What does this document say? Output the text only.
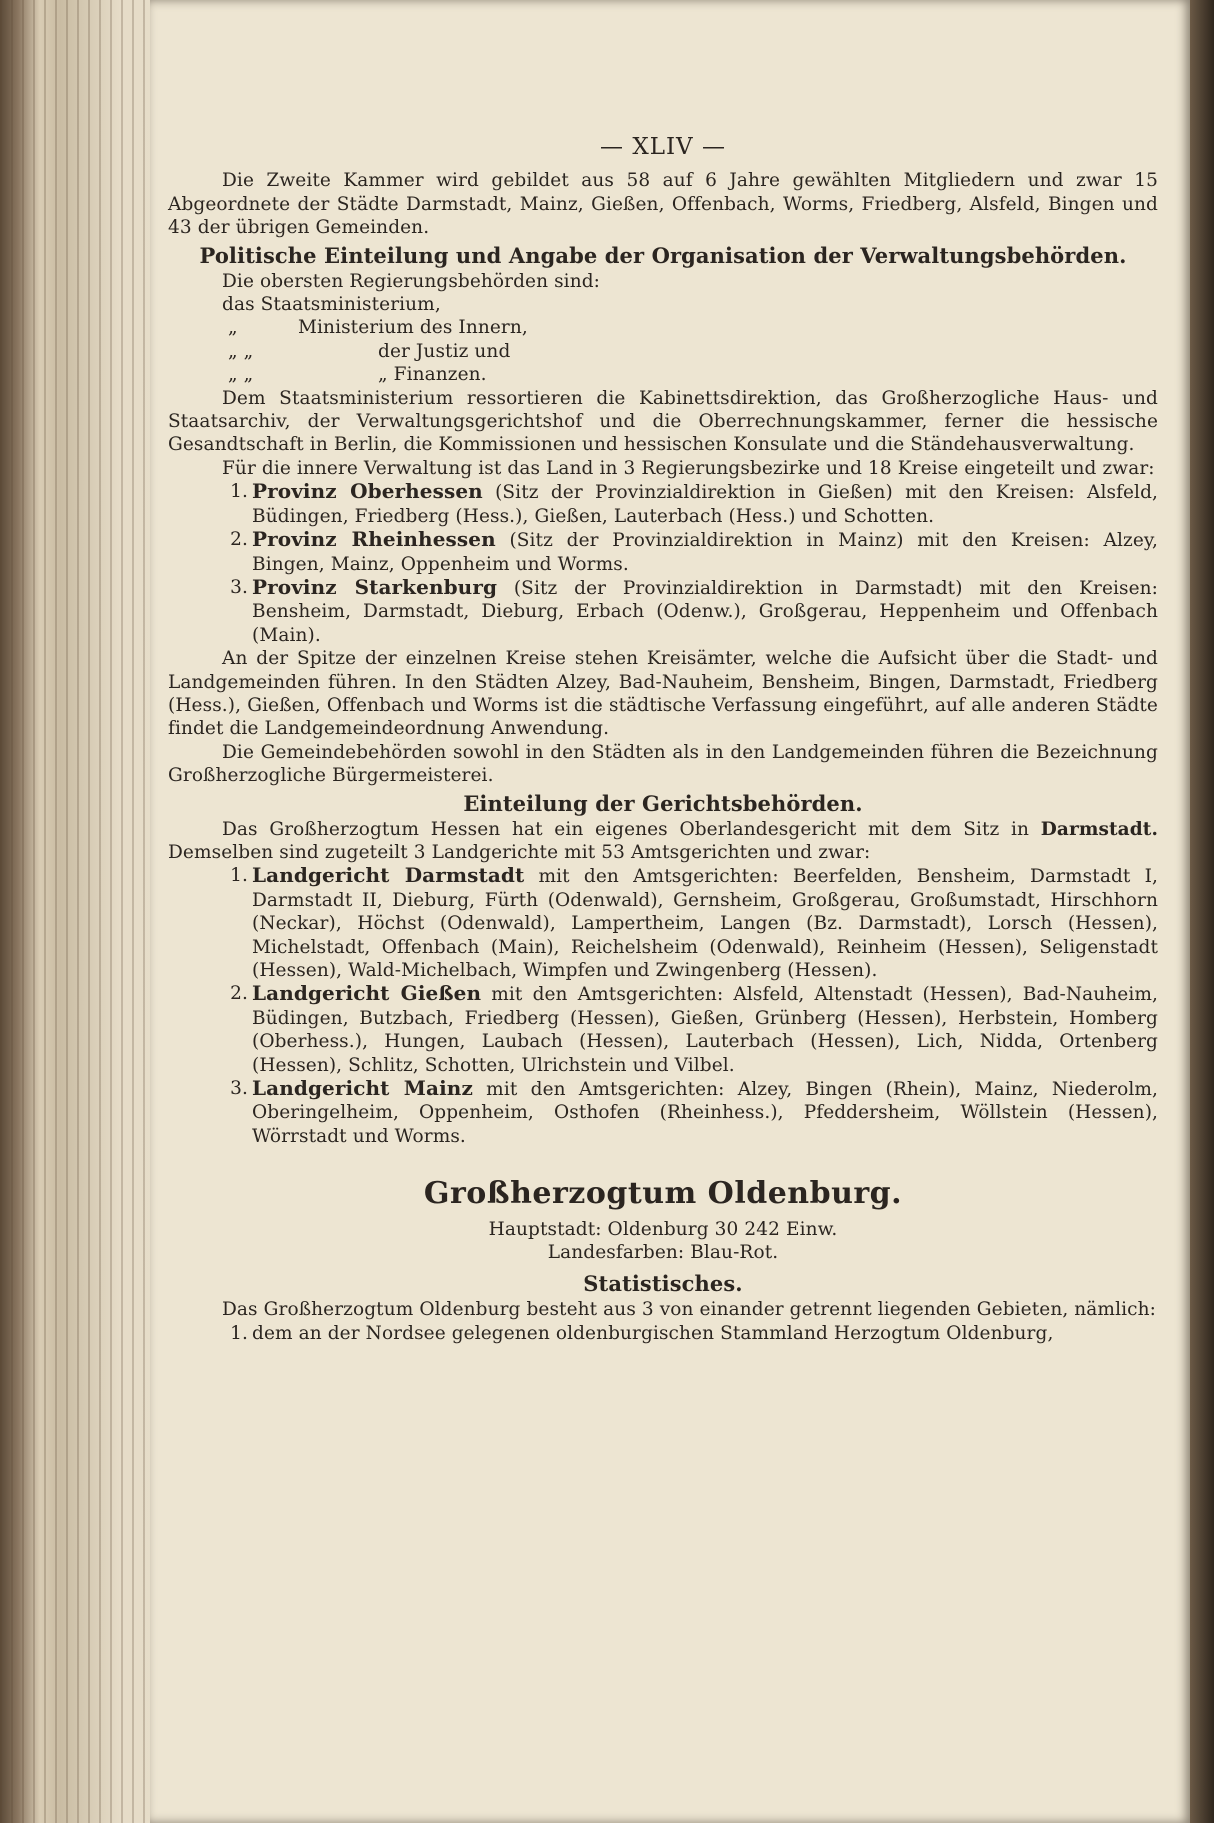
— XLIV —

Die Zweite Kammer wird gebildet aus 58 auf 6 Jahre gewählten Mitgliedern und zwar 15 Abgeordnete der Städte Darmstadt, Mainz, Gießen, Offenbach, Worms, Friedberg, Alsfeld, Bingen und 43 der übrigen Gemeinden.

Politische Einteilung und Angabe der Organisation der Verwaltungsbehörden.

Die obersten Regierungsbehörden sind:

das Staatsministerium,
„	Ministerium des Innern,
„ „	der Justiz und
„ „	„ Finanzen.

Dem Staatsministerium ressortieren die Kabinettsdirektion, das Großherzogliche Haus- und Staatsarchiv, der Verwaltungsgerichtshof und die Oberrechnungskammer, ferner die hessische Gesandtschaft in Berlin, die Kommissionen und hessischen Konsulate und die Ständehausverwaltung.

Für die innere Verwaltung ist das Land in 3 Regierungsbezirke und 18 Kreise eingeteilt und zwar:

1. Provinz Oberhessen (Sitz der Provinzialdirektion in Gießen) mit den Kreisen: Alsfeld, Büdingen, Friedberg (Hess.), Gießen, Lauterbach (Hess.) und Schotten.
2. Provinz Rheinhessen (Sitz der Provinzialdirektion in Mainz) mit den Kreisen: Alzey, Bingen, Mainz, Oppenheim und Worms.
3. Provinz Starkenburg (Sitz der Provinzialdirektion in Darmstadt) mit den Kreisen: Bensheim, Darmstadt, Dieburg, Erbach (Odenw.), Großgerau, Heppenheim und Offenbach (Main).

An der Spitze der einzelnen Kreise stehen Kreisämter, welche die Aufsicht über die Stadt- und Landgemeinden führen. In den Städten Alzey, Bad-Nauheim, Bensheim, Bingen, Darmstadt, Friedberg (Hess.), Gießen, Offenbach und Worms ist die städtische Verfassung eingeführt, auf alle anderen Städte findet die Landgemeindeordnung Anwendung.

Die Gemeindebehörden sowohl in den Städten als in den Landgemeinden führen die Bezeichnung Großherzogliche Bürgermeisterei.

Einteilung der Gerichtsbehörden.

Das Großherzogtum Hessen hat ein eigenes Oberlandesgericht mit dem Sitz in Darmstadt. Demselben sind zugeteilt 3 Landgerichte mit 53 Amtsgerichten und zwar:

1. Landgericht Darmstadt mit den Amtsgerichten: Beerfelden, Bensheim, Darmstadt I, Darmstadt II, Dieburg, Fürth (Odenwald), Gernsheim, Großgerau, Großumstadt, Hirschhorn (Neckar), Höchst (Odenwald), Lampertheim, Langen (Bz. Darmstadt), Lorsch (Hessen), Michelstadt, Offenbach (Main), Reichelsheim (Odenwald), Reinheim (Hessen), Seligenstadt (Hessen), Wald-Michelbach, Wimpfen und Zwingenberg (Hessen).
2. Landgericht Gießen mit den Amtsgerichten: Alsfeld, Altenstadt (Hessen), Bad-Nauheim, Büdingen, Butzbach, Friedberg (Hessen), Gießen, Grünberg (Hessen), Herbstein, Homberg (Oberhess.), Hungen, Laubach (Hessen), Lauterbach (Hessen), Lich, Nidda, Ortenberg (Hessen), Schlitz, Schotten, Ulrichstein und Vilbel.
3. Landgericht Mainz mit den Amtsgerichten: Alzey, Bingen (Rhein), Mainz, Niederolm, Oberingelheim, Oppenheim, Osthofen (Rheinhess.), Pfeddersheim, Wöllstein (Hessen), Wörrstadt und Worms.
Großherzogtum Oldenburg.

Hauptstadt: Oldenburg 30 242 Einw.

Landesfarben: Blau-Rot.

Statistisches.

Das Großherzogtum Oldenburg besteht aus 3 von einander getrennt liegenden Gebieten, nämlich:

1. dem an der Nordsee gelegenen oldenburgischen Stammland Herzogtum Oldenburg,
